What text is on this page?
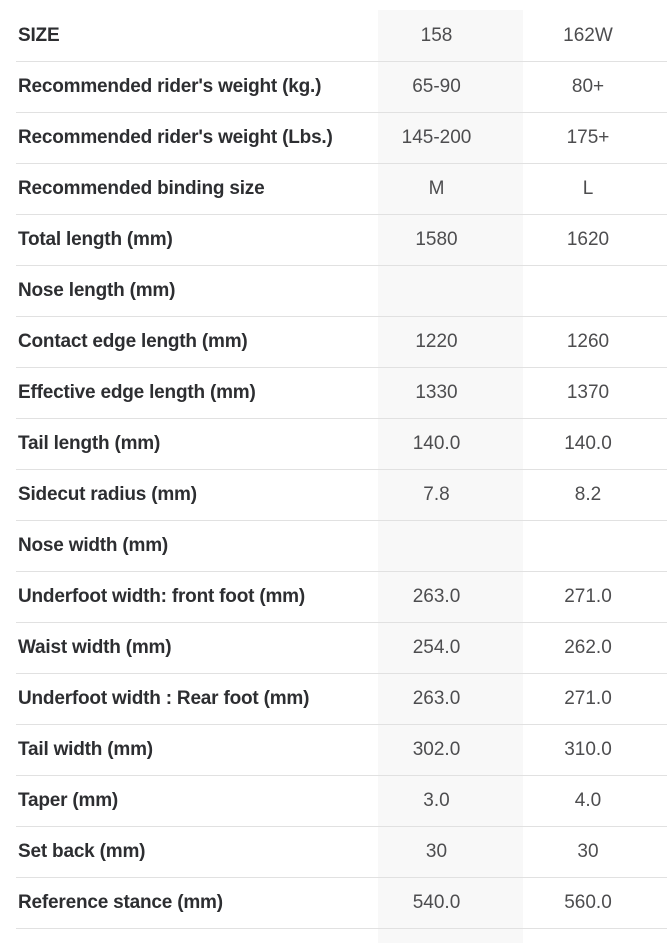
SIZE	158	162W
Recommended rider's weight (kg.)	65-90	80+
Recommended rider's weight (Lbs.)	145-200	175+
Recommended binding size	M	L
Total length (mm)	1580	1620
Nose length (mm)
Contact edge length (mm)	1220	1260
Effective edge length (mm)	1330	1370
Tail length (mm)	140.0	140.0
Sidecut radius (mm)	7.8	8.2
Nose width (mm)
Underfoot width: front foot (mm)	263.0	271.0
Waist width (mm)	254.0	262.0
Underfoot width : Rear foot (mm)	263.0	271.0
Tail width (mm)	302.0	310.0
Taper (mm)	3.0	4.0
Set back (mm)	30	30
Reference stance (mm)	540.0	560.0
